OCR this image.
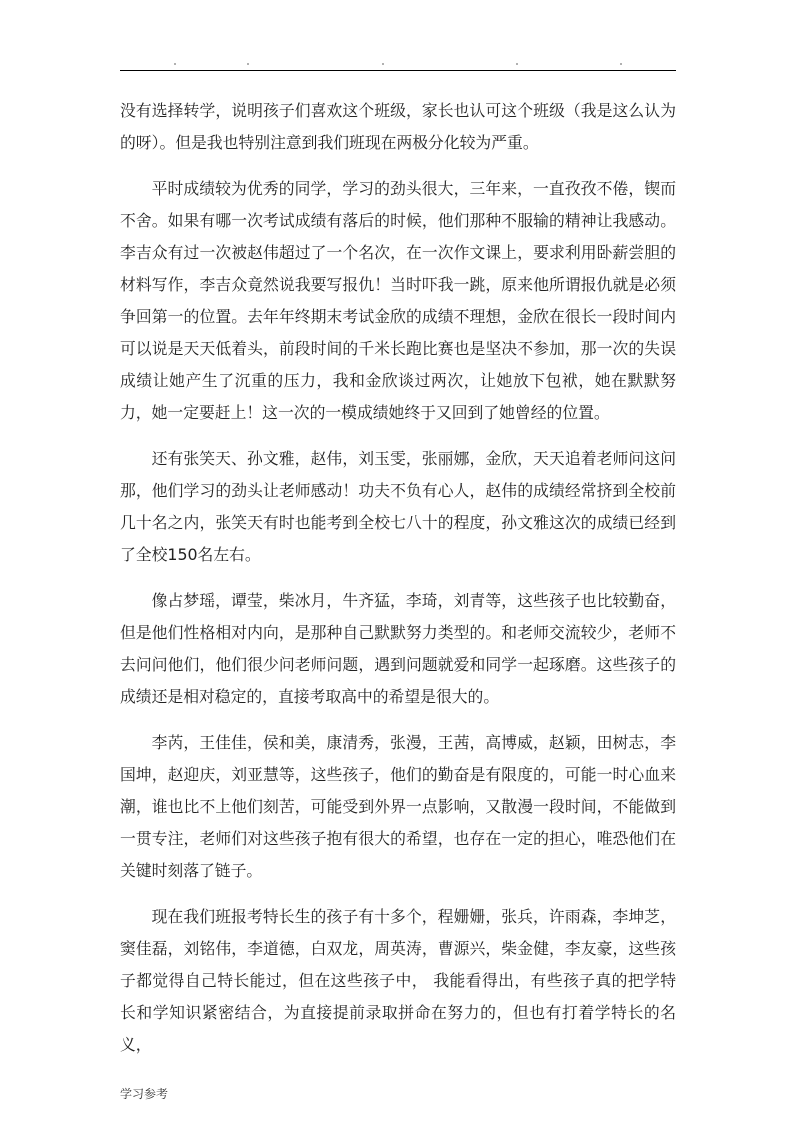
没有选择转学，说明孩子们喜欢这个班级，家长也认可这个班级（我是这么认为的呀）。但是我也特别注意到我们班现在两极分化较为严重。

平时成绩较为优秀的同学，学习的劲头很大，三年来，一直孜孜不倦，锲而不舍。如果有哪一次考试成绩有落后的时候，他们那种不服输的精神让我感动。李吉众有过一次被赵伟超过了一个名次，在一次作文课上，要求利用卧薪尝胆的材料写作，李吉众竟然说我要写报仇！当时吓我一跳，原来他所谓报仇就是必须争回第一的位置。去年年终期末考试金欣的成绩不理想，金欣在很长一段时间内可以说是天天低着头，前段时间的千米长跑比赛也是坚决不参加，那一次的失误成绩让她产生了沉重的压力，我和金欣谈过两次，让她放下包袱，她在默默努力，她一定要赶上！这一次的一模成绩她终于又回到了她曾经的位置。

还有张笑天、孙文雅，赵伟，刘玉雯，张丽娜，金欣，天天追着老师问这问那，他们学习的劲头让老师感动！功夫不负有心人，赵伟的成绩经常挤到全校前几十名之内，张笑天有时也能考到全校七八十的程度，孙文雅这次的成绩已经到了全校150名左右。

像占梦瑶，谭莹，柴冰月，牛齐猛，李琦，刘青等，这些孩子也比较勤奋，但是他们性格相对内向，是那种自己默默努力类型的。和老师交流较少，老师不去问问他们，他们很少问老师问题，遇到问题就爱和同学一起琢磨。这些孩子的成绩还是相对稳定的，直接考取高中的希望是很大的。

李芮，王佳佳，侯和美，康清秀，张漫，王茜，高博威，赵颖，田树志，李国坤，赵迎庆，刘亚慧等，这些孩子，他们的勤奋是有限度的，可能一时心血来潮，谁也比不上他们刻苦，可能受到外界一点影响，又散漫一段时间，不能做到一贯专注，老师们对这些孩子抱有很大的希望，也存在一定的担心，唯恐他们在关键时刻落了链子。

现在我们班报考特长生的孩子有十多个，程姗姗，张兵，许雨森，李坤芝，窦佳磊，刘铭伟，李道德，白双龙，周英涛，曹源兴，柴金健，李友豪，这些孩子都觉得自己特长能过，但在这些孩子中， 我能看得出，有些孩子真的把学特长和学知识紧密结合，为直接提前录取拼命在努力的，但也有打着学特长的名义，

学习参考
